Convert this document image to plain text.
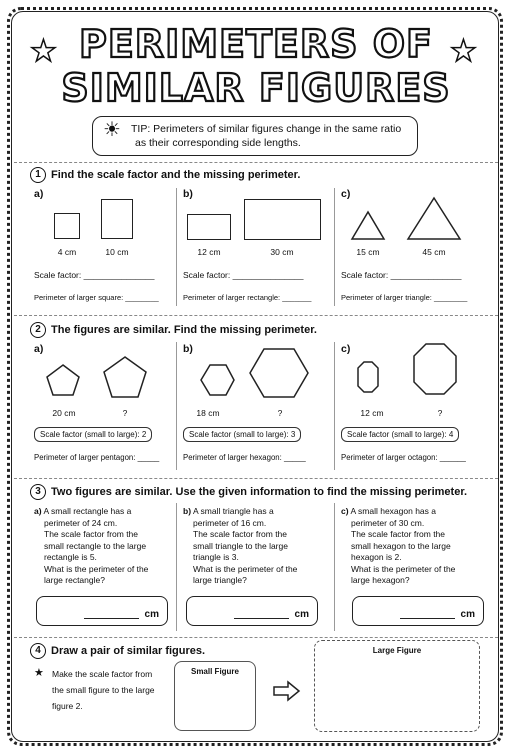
★	★
PERIMETERS OF
SIMILAR FIGURES
☀ TIP: Perimeters of similar figures change in the same ratio
as their corresponding side lengths.
1 Find the scale factor and the missing perimeter.
a)
4 cm	10 cm
Scale factor: _______________
Perimeter of larger square: ________
b)
12 cm	30 cm
Scale factor: _______________
Perimeter of larger rectangle: _______
c)
15 cm	45 cm
Scale factor: _______________
Perimeter of larger triangle: ________
2 The figures are similar. Find the missing perimeter.
a)
20 cm	?
Scale factor (small to large): 2
Perimeter of larger pentagon: _____
b)
18 cm	?
Scale factor (small to large): 3
Perimeter of larger hexagon: _____
c)
12 cm	?
Scale factor (small to large): 4
Perimeter of larger octagon: ______
3 Two figures are similar. Use the given information to find the missing perimeter.
a) A small rectangle has a

perimeter of 24 cm.
The scale factor from the
small rectangle to the large
rectangle is 5.
What is the perimeter of the
large rectangle?
cm
b) A small triangle has a

perimeter of 16 cm.
The scale factor from the
small triangle to the large
triangle is 3.
What is the perimeter of the
large triangle?
cm
c) A small hexagon has a

perimeter of 30 cm.
The scale factor from the
small hexagon to the large
hexagon is 2.
What is the perimeter of the
large hexagon?
cm
4 Draw a pair of similar figures.
★ Make the scale factor from
the small figure to the large
figure 2.
Small Figure
Large Figure
